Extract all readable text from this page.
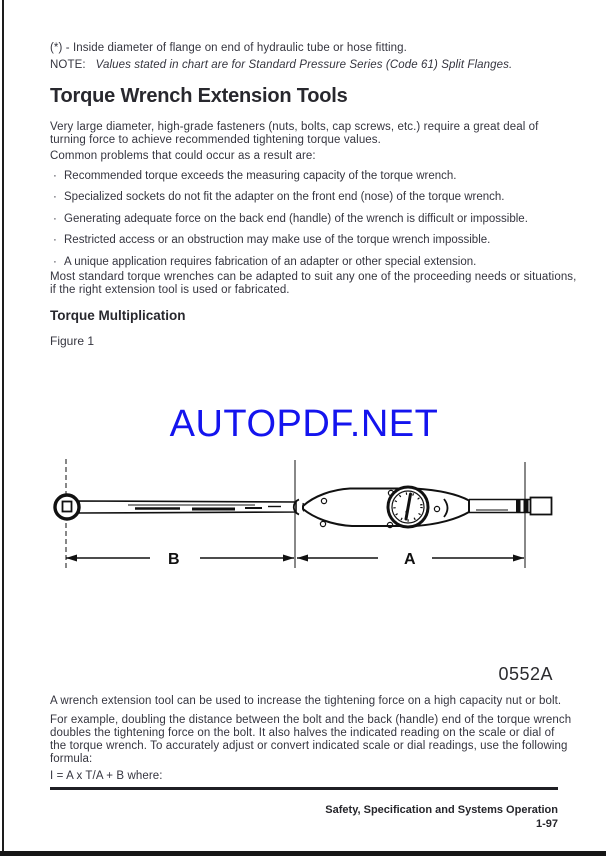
(*) - Inside diameter of flange on end of hydraulic tube or hose fitting.
NOTE: Values stated in chart are for Standard Pressure Series (Code 61) Split Flanges.
Torque Wrench Extension Tools
Very large diameter, high-grade fasteners (nuts, bolts, cap screws, etc.) require a great deal of
turning force to achieve recommended tightening torque values.
Common problems that could occur as a result are:
· Recommended torque exceeds the measuring capacity of the torque wrench.
· Specialized sockets do not fit the adapter on the front end (nose) of the torque wrench.
· Generating adequate force on the back end (handle) of the wrench is difficult or impossible.
· Restricted access or an obstruction may make use of the torque wrench impossible.
· A unique application requires fabrication of an adapter or other special extension.
Most standard torque wrenches can be adapted to suit any one of the proceeding needs or situations,
if the right extension tool is used or fabricated.
Torque Multiplication
Figure 1
AUTOPDF.NET
B	A
0552A
A wrench extension tool can be used to increase the tightening force on a high capacity nut or bolt.
For example, doubling the distance between the bolt and the back (handle) end of the torque wrench
doubles the tightening force on the bolt. It also halves the indicated reading on the scale or dial of
the torque wrench. To accurately adjust or convert indicated scale or dial readings, use the following
formula:
I = A x T/A + B where:
Safety, Specification and Systems Operation
1-97
